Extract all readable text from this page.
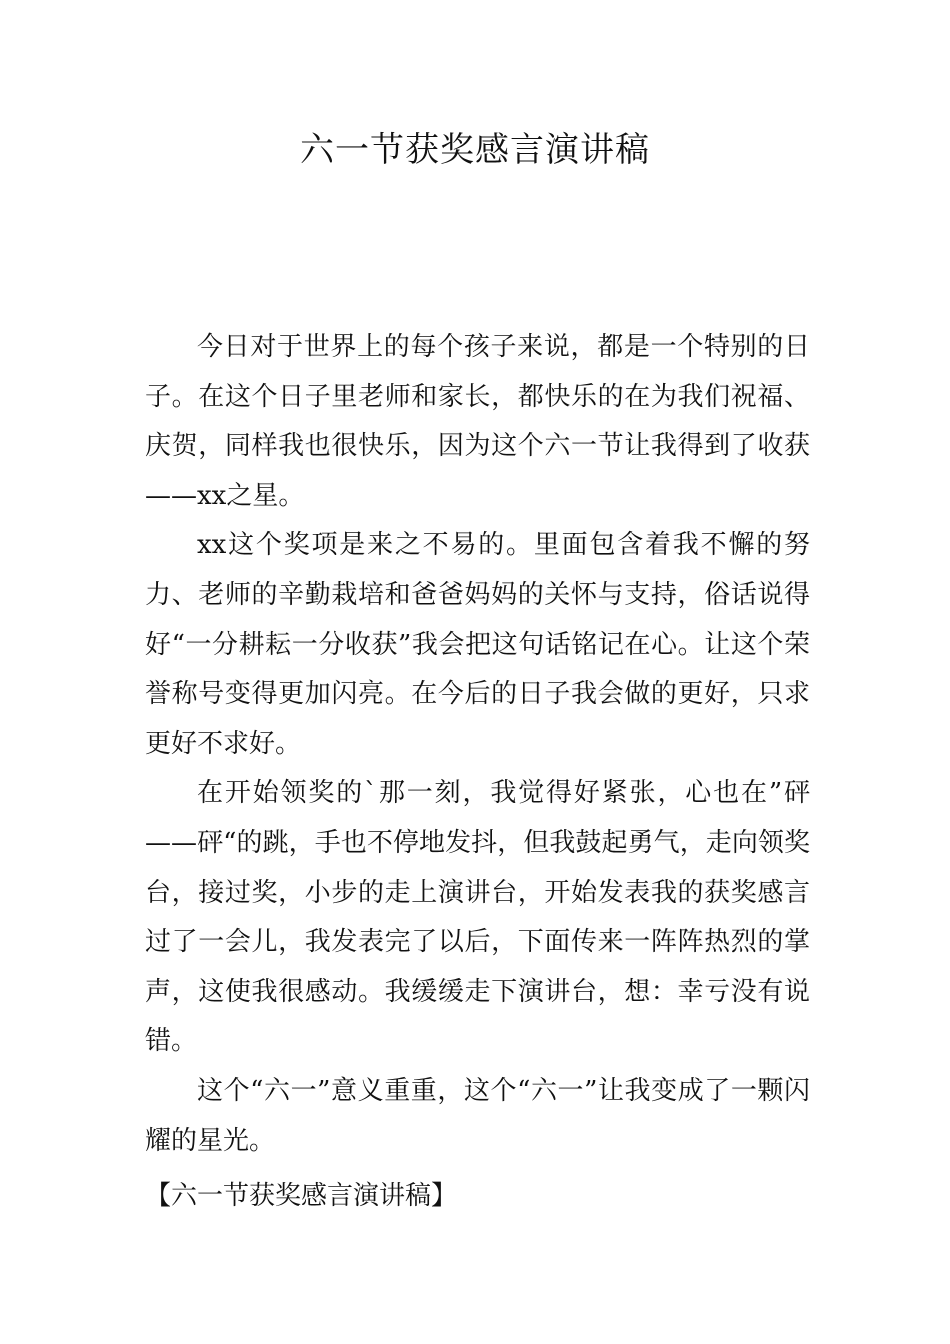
六一节获奖感言演讲稿

今日对于世界上的每个孩子来说，都是一个特别的日子。在这个日子里老师和家长，都快乐的在为我们祝福、庆贺，同样我也很快乐，因为这个六一节让我得到了收获——xx之星。

xx这个奖项是来之不易的。里面包含着我不懈的努力、老师的辛勤栽培和爸爸妈妈的关怀与支持，俗话说得好“一分耕耘一分收获”我会把这句话铭记在心。让这个荣誉称号变得更加闪亮。在今后的日子我会做的更好，只求更好不求好。

在开始领奖的`那一刻，我觉得好紧张，心也在”砰——砰“的跳，手也不停地发抖，但我鼓起勇气，走向领奖台，接过奖，小步的走上演讲台，开始发表我的获奖感言过了一会儿，我发表完了以后，下面传来一阵阵热烈的掌声，这使我很感动。我缓缓走下演讲台，想：幸亏没有说错。

这个“六一”意义重重，这个“六一”让我变成了一颗闪耀的星光。

【六一节获奖感言演讲稿】
